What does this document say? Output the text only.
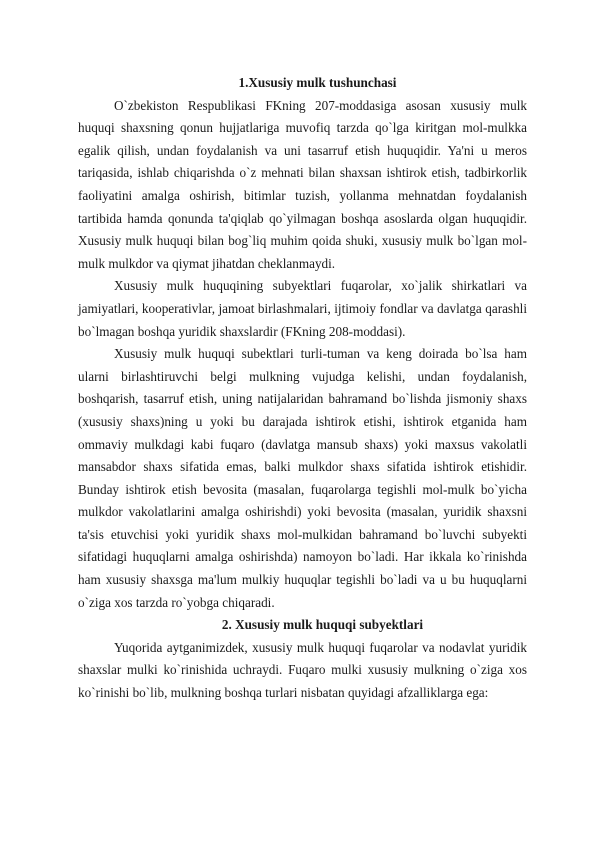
1.Xususiy mulk tushunchasi

O`zbekiston Respublikasi FKning 207-moddasiga asosan xususiy mulk huquqi shaxsning qonun hujjatlariga muvofiq tarzda qo`lga kiritgan mol-mulkka egalik qilish, undan foydalanish va uni tasarruf etish huquqidir. Ya'ni u meros tariqasida, ishlab chiqarishda o`z mehnati bilan shaxsan ishtirok etish, tadbirkorlik faoliyatini amalga oshirish, bitimlar tuzish, yollanma mehnatdan foydalanish tartibida hamda qonunda ta'qiqlab qo`yilmagan boshqa asoslarda olgan huquqidir. Xususiy mulk huquqi bilan bog`liq muhim qoida shuki, xususiy mulk bo`lgan mol-mulk mulkdor va qiymat jihatdan cheklanmaydi.

Xususiy mulk huquqining subyektlari fuqarolar, xo`jalik shirkatlari va jamiyatlari, kooperativlar, jamoat birlashmalari, ijtimoiy fondlar va davlatga qarashli bo`lmagan boshqa yuridik shaxslardir (FKning 208-moddasi).

Xususiy mulk huquqi subektlari turli-tuman va keng doirada bo`lsa ham ularni birlashtiruvchi belgi mulkning vujudga kelishi, undan foydalanish, boshqarish, tasarruf etish, uning natijalaridan bahramand bo`lishda jismoniy shaxs (xususiy shaxs)ning u yoki bu darajada ishtirok etishi, ishtirok etganida ham ommaviy mulkdagi kabi fuqaro (davlatga mansub shaxs) yoki maxsus vakolatli mansabdor shaxs sifatida emas, balki mulkdor shaxs sifatida ishtirok etishidir. Bunday ishtirok etish bevosita (masalan, fuqarolarga tegishli mol-mulk bo`yicha mulkdor vakolatlarini amalga oshirishdi) yoki bevosita (masalan, yuridik shaxsni ta'sis etuvchisi yoki yuridik shaxs mol-mulkidan bahramand bo`luvchi subyekti sifatidagi huquqlarni amalga oshirishda) namoyon bo`ladi. Har ikkala ko`rinishda ham xususiy shaxsga ma'lum mulkiy huquqlar tegishli bo`ladi va u bu huquqlarni o`ziga xos tarzda ro`yobga chiqaradi.

2. Xususiy mulk huquqi subyektlari

Yuqorida aytganimizdek, xususiy mulk huquqi fuqarolar va nodavlat yuridik shaxslar mulki ko`rinishida uchraydi. Fuqaro mulki xususiy mulkning o`ziga xos ko`rinishi bo`lib, mulkning boshqa turlari nisbatan quyidagi afzalliklarga ega:
